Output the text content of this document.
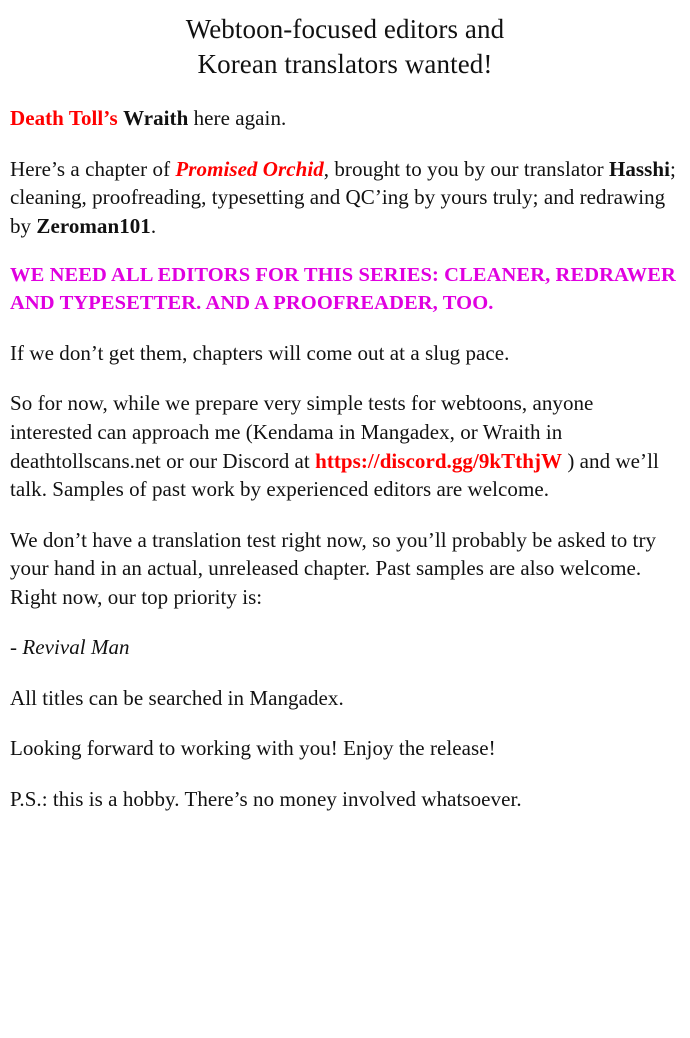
Webtoon-focused editors and
Korean translators wanted!

Death Toll’s Wraith here again.

Here’s a chapter of Promised Orchid, brought to you by our translator Hasshi; cleaning, proofreading, typesetting and QC’ing by yours truly; and redrawing by Zeroman101.

WE NEED ALL EDITORS FOR THIS SERIES: CLEANER, REDRAWER AND TYPESETTER. AND A PROOFREADER, TOO.

If we don’t get them, chapters will come out at a slug pace.

So for now, while we prepare very simple tests for webtoons, anyone interested can approach me (Kendama in Mangadex, or Wraith in deathtollscans.net or our Discord at https://discord.gg/9kTthjW ) and we’ll talk. Samples of past work by experienced editors are welcome.

We don’t have a translation test right now, so you’ll probably be asked to try your hand in an actual, unreleased chapter. Past samples are also welcome. Right now, our top priority is:

- Revival Man

All titles can be searched in Mangadex.

Looking forward to working with you! Enjoy the release!

P.S.: this is a hobby. There’s no money involved whatsoever.
